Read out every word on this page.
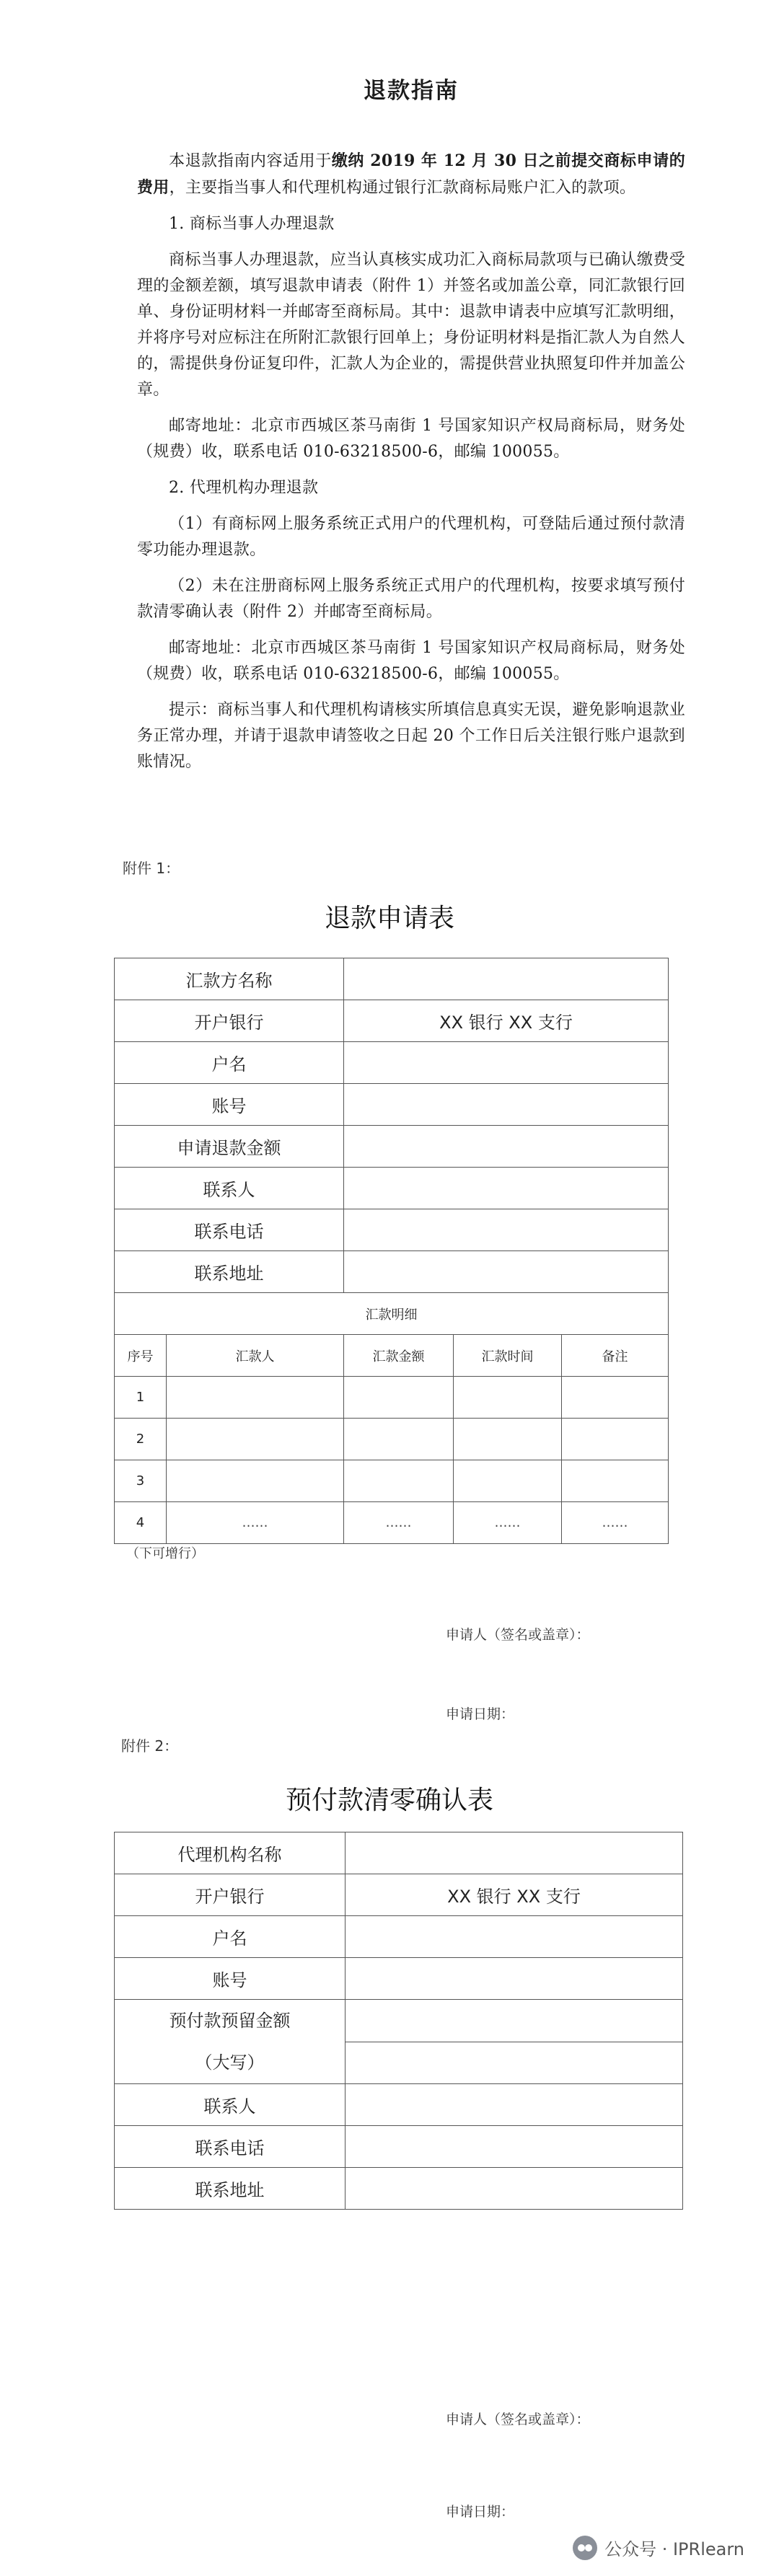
退款指南

本退款指南内容适用于缴纳 2019 年 12 月 30 日之前提交商标申请的费用，主要指当事人和代理机构通过银行汇款商标局账户汇入的款项。

1. 商标当事人办理退款

商标当事人办理退款，应当认真核实成功汇入商标局款项与已确认缴费受理的金额差额，填写退款申请表（附件 1）并签名或加盖公章，同汇款银行回单、身份证明材料一并邮寄至商标局。其中：退款申请表中应填写汇款明细，并将序号对应标注在所附汇款银行回单上；身份证明材料是指汇款人为自然人的，需提供身份证复印件，汇款人为企业的，需提供营业执照复印件并加盖公章。

邮寄地址：北京市西城区茶马南街 1 号国家知识产权局商标局，财务处（规费）收，联系电话 010-63218500-6，邮编 100055。

2. 代理机构办理退款

（1）有商标网上服务系统正式用户的代理机构，可登陆后通过预付款清零功能办理退款。

（2）未在注册商标网上服务系统正式用户的代理机构，按要求填写预付款清零确认表（附件 2）并邮寄至商标局。

邮寄地址：北京市西城区茶马南街 1 号国家知识产权局商标局，财务处（规费）收，联系电话 010-63218500-6，邮编 100055。

提示：商标当事人和代理机构请核实所填信息真实无误，避免影响退款业务正常办理，并请于退款申请签收之日起 20 个工作日后关注银行账户退款到账情况。

附件 1：
退款申请表
汇款方名称				
开户银行		XX 银行 XX 支行		
户名				
账号				
申请退款金额				
联系人				
联系电话				
联系地址				
汇款明细				
序号	汇款人	汇款金额	汇款时间	备注
1				
2				
3				
4	……	……	……	……
（下可增行）
申请人（签名或盖章）：
申请日期：
附件 2：
预付款清零确认表
代理机构名称	
开户银行	XX 银行 XX 支行
户名	
账号	

预付款预留金额
（大写）	

联系人	
联系电话	
联系地址	
申请人（签名或盖章）：
申请日期：
公众号 · IPRlearn
